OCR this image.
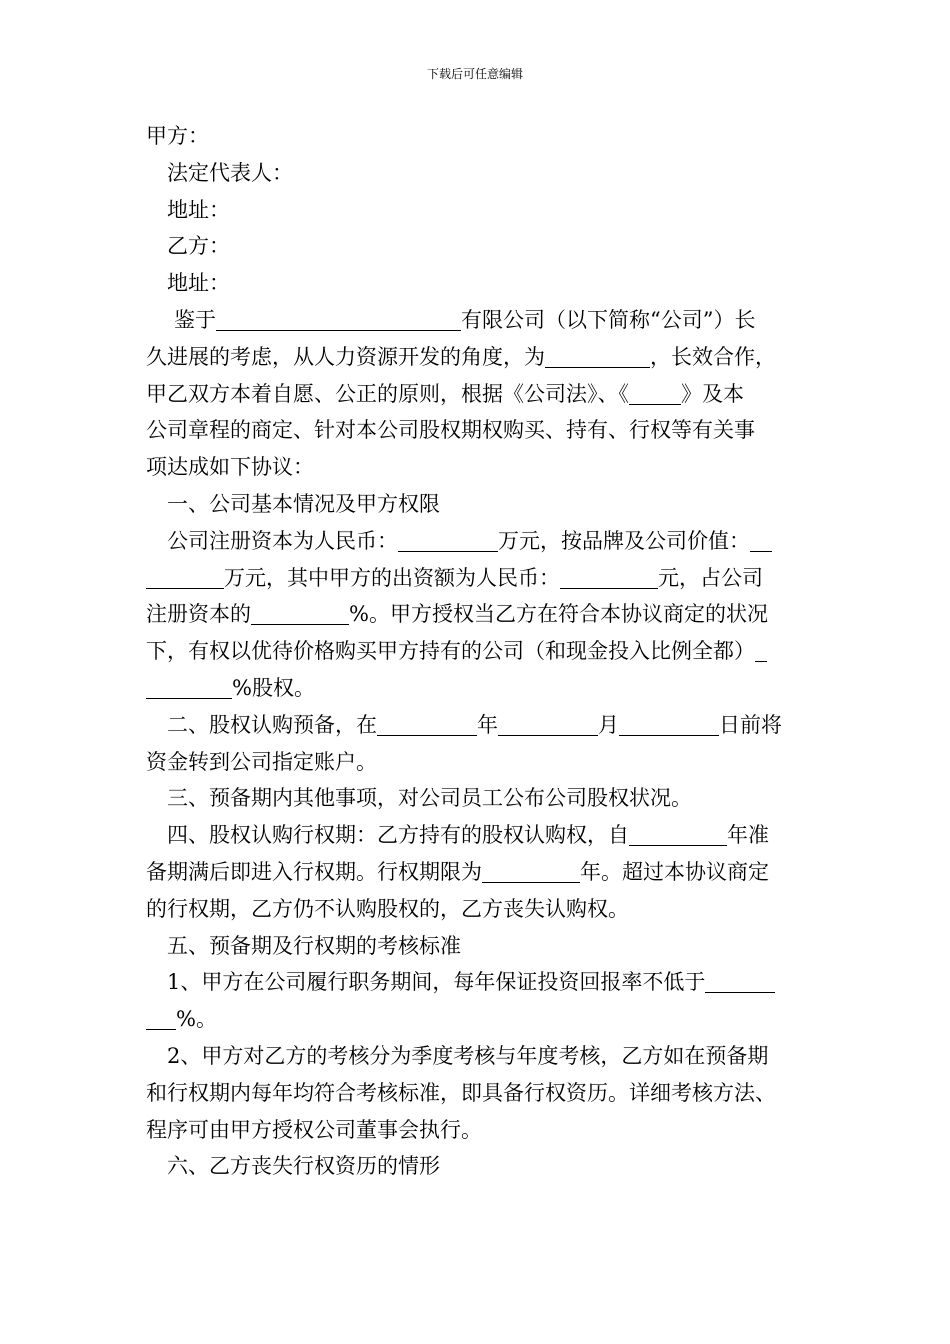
下载后可任意编辑
甲方：
法定代表人：
地址：
乙方：
地址：
鉴于	有限公司（以下简称“公司”）长
久进展的考虑，从人力资源开发的角度，为	，长效合作，
甲乙双方本着自愿、公正的原则，根据《公司法》、《 》及本
公司章程的商定、针对本公司股权期权购买、持有、行权等有关事
项达成如下协议：
一、公司基本情况及甲方权限
公司注册资本为人民币：	万元，按品牌及公司价值：
万元，其中甲方的出资额为人民币：	元，占公司
注册资本的	%。甲方授权当乙方在符合本协议商定的状况
下，有权以优待价格购买甲方持有的公司（和现金投入比例全都）
%股权。
二、股权认购预备，在	年	月	日前将
资金转到公司指定账户。
三、预备期内其他事项，对公司员工公布公司股权状况。
四、股权认购行权期：乙方持有的股权认购权，自	年准
备期满后即进入行权期。行权期限为	年。超过本协议商定
的行权期，乙方仍不认购股权的，乙方丧失认购权。
五、预备期及行权期的考核标准
1、甲方在公司履行职务期间，每年保证投资回报率不低于
%。
2、甲方对乙方的考核分为季度考核与年度考核，乙方如在预备期
和行权期内每年均符合考核标准，即具备行权资历。详细考核方法、
程序可由甲方授权公司董事会执行。
六、乙方丧失行权资历的情形
